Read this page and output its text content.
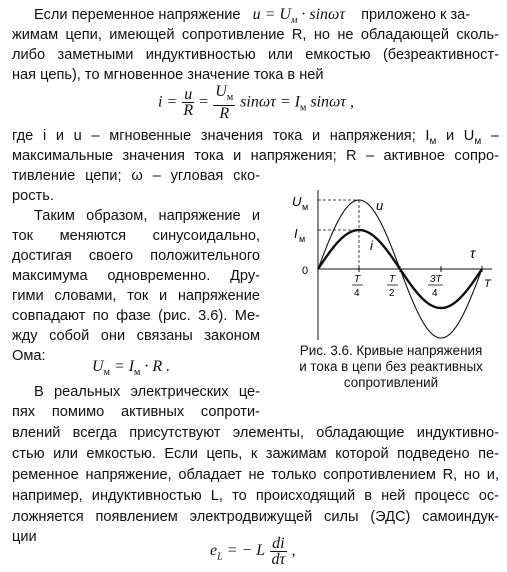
Если переменное напряжение $u = U_м \cdot \sin\omega\tau$ приложено к за-
жимам цепи, имеющей сопротивление R, но не обладающей сколь-
либо заметными индуктивностью или емкостью (безреактивност-
ная цепь), то мгновенное значение тока в ней
$i = \frac{u}{R} = \frac{U_м}{R}$ $\sin\omega\tau = I_м$ sinωτ ,
где i и u – мгновенные значения тока и напряжения; $I_м$ и $U_м$ –
максимальные значения тока и напряжения; R – активное сопро-
тивление цепи; ω – угловая ско-
рость.
Таким образом, напряжение и
ток меняются синусоидально,
достигая своего положительного
максимума одновременно. Дру-
гими словами, ток и напряжение
совпадают по фазе (рис. 3.6). Ме-
жду собой они связаны законом
Ома:
$U_м = I_м \cdot R$ .
В реальных электрических це-
пях помимо активных сопроти-
влений всегда присутствуют элементы, обладающие индуктивно-
стью или емкостью. Если цепь, к зажимам которой подведено пе-
ременное напряжение, обладает не только сопротивлением R, но и,
например, индуктивностью L, то происходящий в ней процесс ос-
ложняется появлением электродвижущей силы (ЭДС) самоиндук-
ции
$e_L$ = − L $\frac{di}{d\tau}$ ,
U м
I м
u
i
0
τ
T
T
4
T
2
3T
4
Рис. 3.6. Кривые напряжения
и тока в цепи без реактивных
сопротивлений
